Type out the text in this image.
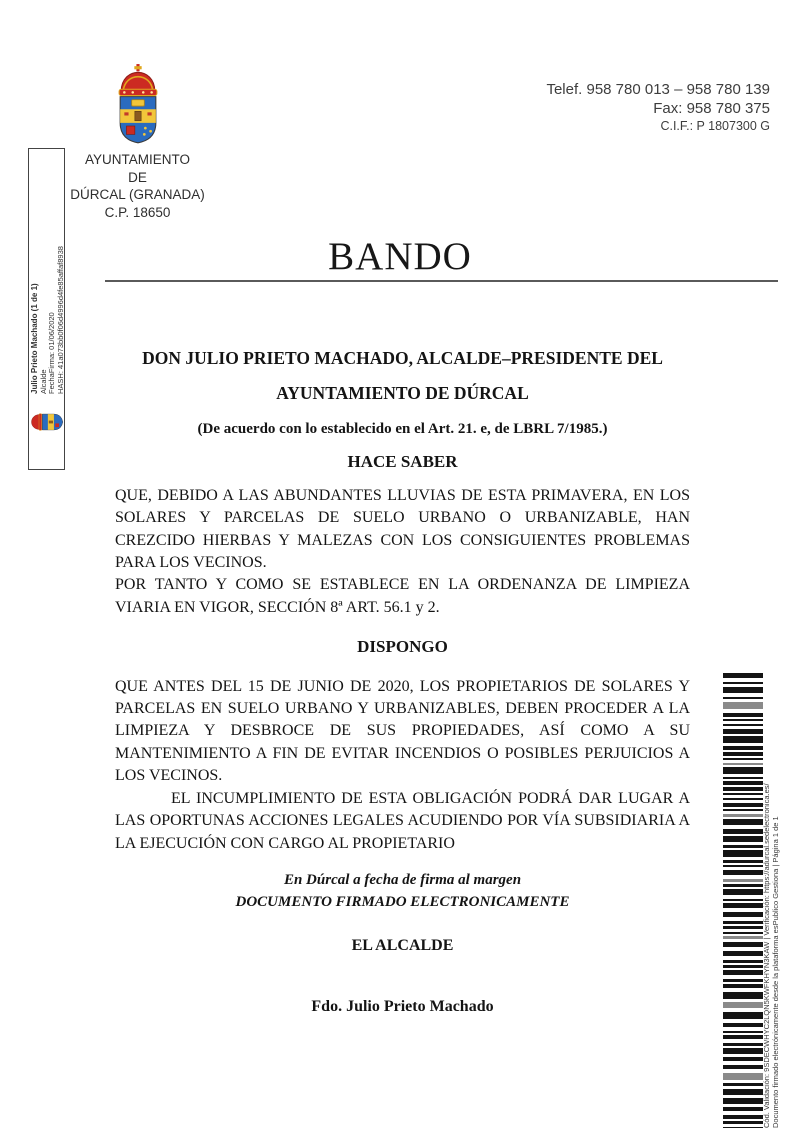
Telef. 958 780 013 – 958 780 139
Fax: 958 780 375
C.I.F.: P 1807300 G
AYUNTAMIENTO
DE
DÚRCAL (GRANADA)
C.P. 18650
Julio Prieto Machado (1 de 1) Alcalde FechaFirma: 01/06/2020 HASH: 41a073bb0f06d4996d4fe85affaf8938	BANDO
DON JULIO PRIETO MACHADO, ALCALDE–PRESIDENTE DEL
AYUNTAMIENTO DE DÚRCAL
(De acuerdo con lo establecido en el Art. 21. e, de LBRL 7/1985.)
HACE SABER
QUE, DEBIDO A LAS ABUNDANTES LLUVIAS DE ESTA PRIMAVERA, EN LOS SOLARES Y PARCELAS DE SUELO URBANO O URBANIZABLE, HAN CREZCIDO HIERBAS Y MALEZAS CON LOS CONSIGUIENTES PROBLEMAS PARA LOS VECINOS.
POR TANTO Y COMO SE ESTABLECE EN LA ORDENANZA DE LIMPIEZA VIARIA EN VIGOR, SECCIÓN 8ª ART. 56.1 y 2.
DISPONGO
QUE ANTES DEL 15 DE JUNIO DE 2020, LOS PROPIETARIOS DE SOLARES Y PARCELAS EN SUELO URBANO Y URBANIZABLES, DEBEN PROCEDER A LA LIMPIEZA Y DESBROCE DE SUS PROPIEDADES, ASÍ COMO A SU MANTENIMIENTO A FIN DE EVITAR INCENDIOS O POSIBLES PERJUICIOS A LOS VECINOS.
EL INCUMPLIMIENTO DE ESTA OBLIGACIÓN PODRÁ DAR LUGAR A LAS OPORTUNAS ACCIONES LEGALES ACUDIENDO POR VÍA SUBSIDIARIA A LA EJECUCIÓN CON CARGO AL PROPIETARIO
En Dúrcal a fecha de firma al margen
DOCUMENTO FIRMADO ELECTRONICAMENTE
EL ALCALDE
Fdo. Julio Prieto Machado	Cód. Validación: 9SDECWHYC2LQN5KWFKHYN3KAW | Verificación: https://adurcal.sedelectronica.es/ Documento firmado electrónicamente desde la plataforma esPublico Gestiona | Página 1 de 1
